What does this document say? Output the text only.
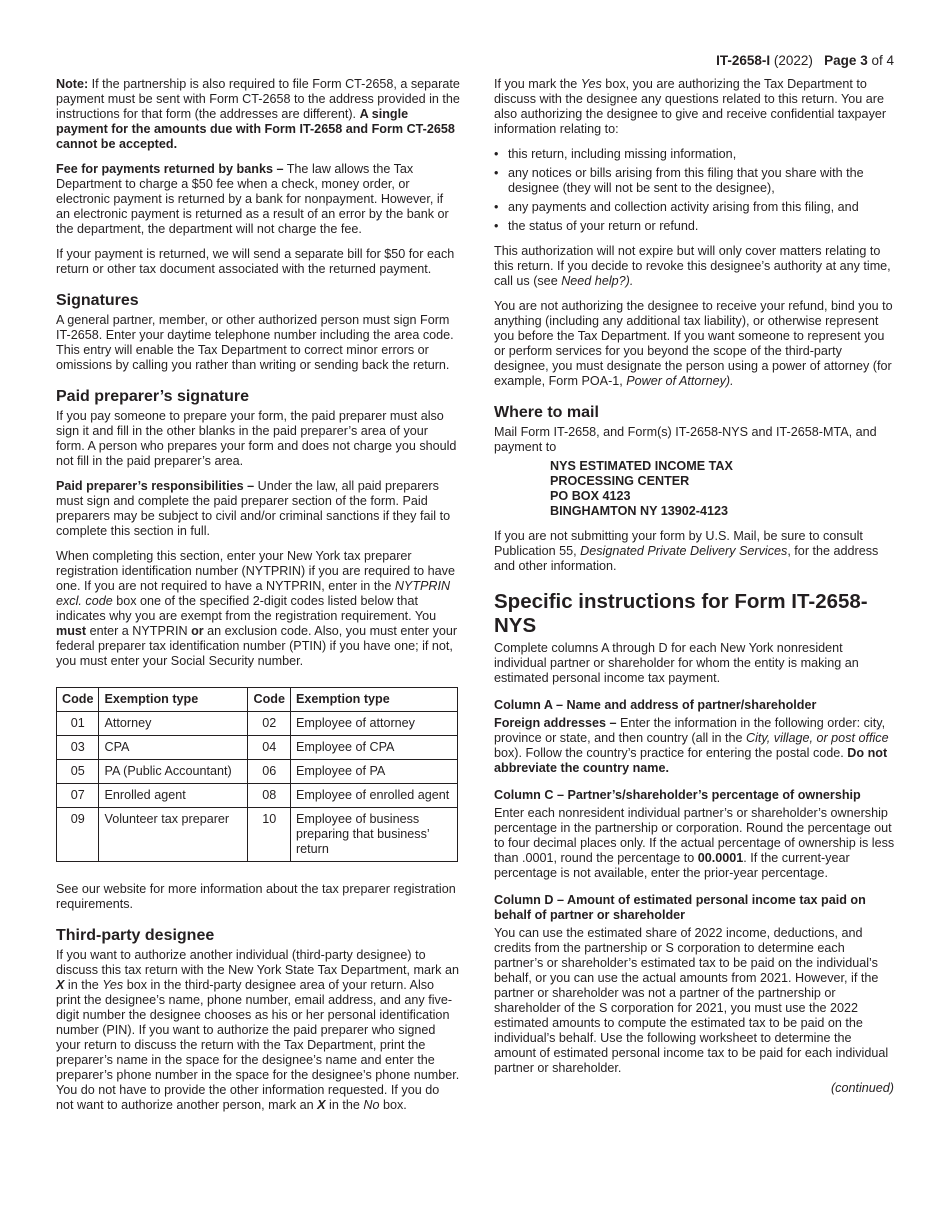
IT-2658-I (2022) Page 3 of 4

Note: If the partnership is also required to file Form CT-2658, a separate payment must be sent with Form CT-2658 to the address provided in the instructions for that form (the addresses are different). A single payment for the amounts due with Form IT-2658 and Form CT-2658 cannot be accepted.

Fee for payments returned by banks – The law allows the Tax Department to charge a $50 fee when a check, money order, or electronic payment is returned by a bank for nonpayment. However, if an electronic payment is returned as a result of an error by the bank or the department, the department will not charge the fee.

If your payment is returned, we will send a separate bill for $50 for each return or other tax document associated with the returned payment.

Signatures

A general partner, member, or other authorized person must sign Form IT-2658. Enter your daytime telephone number including the area code. This entry will enable the Tax Department to correct minor errors or omissions by calling you rather than writing or sending back the return.

Paid preparer’s signature

If you pay someone to prepare your form, the paid preparer must also sign it and fill in the other blanks in the paid preparer’s area of your form. A person who prepares your form and does not charge you should not fill in the paid preparer’s area.

Paid preparer’s responsibilities – Under the law, all paid preparers must sign and complete the paid preparer section of the form. Paid preparers may be subject to civil and/or criminal sanctions if they fail to complete this section in full.

When completing this section, enter your New York tax preparer registration identification number (NYTPRIN) if you are required to have one. If you are not required to have a NYTPRIN, enter in the NYTPRIN excl. code box one of the specified 2-digit codes listed below that indicates why you are exempt from the registration requirement. You must enter a NYTPRIN or an exclusion code. Also, you must enter your federal preparer tax identification number (PTIN) if you have one; if not, you must enter your Social Security number.

Code	Exemption type	Code	Exemption type
01	Attorney	02	Employee of attorney
03	CPA	04	Employee of CPA
05	PA (Public Accountant)	06	Employee of PA
07	Enrolled agent	08	Employee of enrolled agent
09	Volunteer tax preparer	10	Employee of business preparing that business’ return

See our website for more information about the tax preparer registration requirements.

Third-party designee

If you want to authorize another individual (third-party designee) to discuss this tax return with the New York State Tax Department, mark an X in the Yes box in the third-party designee area of your return. Also print the designee’s name, phone number, email address, and any five-digit number the designee chooses as his or her personal identification number (PIN). If you want to authorize the paid preparer who signed your return to discuss the return with the Tax Department, print the preparer’s name in the space for the designee’s name and enter the preparer’s phone number in the space for the designee’s phone number. You do not have to provide the other information requested. If you do not want to authorize another person, mark an X in the No box.

If you mark the Yes box, you are authorizing the Tax Department to discuss with the designee any questions related to this return. You are also authorizing the designee to give and receive confidential taxpayer information relating to:

• this return, including missing information,
• any notices or bills arising from this filing that you share with the designee (they will not be sent to the designee),
• any payments and collection activity arising from this filing, and
• the status of your return or refund.

This authorization will not expire but will only cover matters relating to this return. If you decide to revoke this designee’s authority at any time, call us (see Need help?).

You are not authorizing the designee to receive your refund, bind you to anything (including any additional tax liability), or otherwise represent you before the Tax Department. If you want someone to represent you or perform services for you beyond the scope of the third-party designee, you must designate the person using a power of attorney (for example, Form POA-1, Power of Attorney).

Where to mail

Mail Form IT-2658, and Form(s) IT-2658-NYS and IT-2658-MTA, and payment to

NYS ESTIMATED INCOME TAX
PROCESSING CENTER
PO BOX 4123
BINGHAMTON NY 13902-4123

If you are not submitting your form by U.S. Mail, be sure to consult Publication 55, Designated Private Delivery Services, for the address and other information.

Specific instructions for Form IT-2658-NYS

Complete columns A through D for each New York nonresident individual partner or shareholder for whom the entity is making an estimated personal income tax payment.

Column A – Name and address of partner/shareholder

Foreign addresses – Enter the information in the following order: city, province or state, and then country (all in the City, village, or post office box). Follow the country’s practice for entering the postal code. Do not abbreviate the country name.

Column C – Partner’s/shareholder’s percentage of ownership

Enter each nonresident individual partner’s or shareholder’s ownership percentage in the partnership or corporation. Round the percentage out to four decimal places only. If the actual percentage of ownership is less than .0001, round the percentage to 00.0001. If the current-year percentage is not available, enter the prior-year percentage.

Column D – Amount of estimated personal income tax paid on behalf of partner or shareholder

You can use the estimated share of 2022 income, deductions, and credits from the partnership or S corporation to determine each partner’s or shareholder’s estimated tax to be paid on the individual’s behalf, or you can use the actual amounts from 2021. However, if the partner or shareholder was not a partner of the partnership or shareholder of the S corporation for 2021, you must use the 2022 estimated amounts to compute the estimated tax to be paid on the individual’s behalf. Use the following worksheet to determine the amount of estimated personal income tax to be paid for each individual partner or shareholder.

(continued)
